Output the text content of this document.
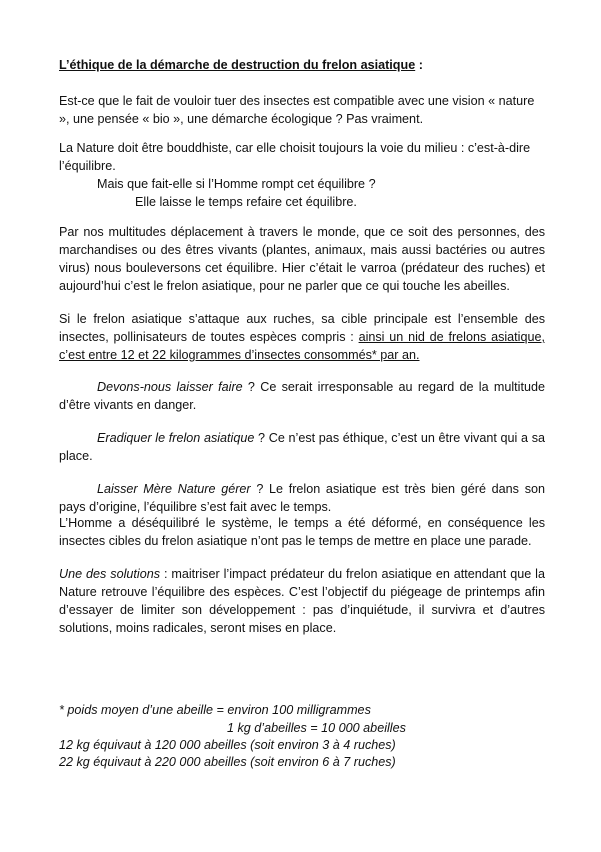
L’éthique de la démarche de destruction du frelon asiatique :

Est-ce que le fait de vouloir tuer des insectes est compatible avec une vision « nature », une pensée « bio », une démarche écologique ? Pas vraiment.

La Nature doit être bouddhiste, car elle choisit toujours la voie du milieu : c’est-à-dire l’équilibre.

Mais que fait-elle si l’Homme rompt cet équilibre ?

Elle laisse le temps refaire cet équilibre.

Par nos multitudes déplacement à travers le monde, que ce soit des personnes, des marchandises ou des êtres vivants (plantes, animaux, mais aussi bactéries ou autres virus) nous bouleversons cet équilibre. Hier c’était le varroa (prédateur des ruches) et aujourd’hui c’est le frelon asiatique, pour ne parler que ce qui touche les abeilles.

Si le frelon asiatique s’attaque aux ruches, sa cible principale est l’ensemble des insectes, pollinisateurs de toutes espèces compris : ainsi un nid de frelons asiatique, c’est entre 12 et 22 kilogrammes d’insectes consommés* par an.

Devons-nous laisser faire ? Ce serait irresponsable au regard de la multitude d’être vivants en danger.

Eradiquer le frelon asiatique ? Ce n’est pas éthique, c’est un être vivant qui a sa place.

Laisser Mère Nature gérer ? Le frelon asiatique est très bien géré dans son pays d’origine, l’équilibre s’est fait avec le temps.

L’Homme a déséquilibré le système, le temps a été déformé, en conséquence les insectes cibles du frelon asiatique n’ont pas le temps de mettre en place une parade.

Une des solutions : maitriser l’impact prédateur du frelon asiatique en attendant que la Nature retrouve l’équilibre des espèces. C’est l’objectif du piégeage de printemps afin d’essayer de limiter son développement : pas d’inquiétude, il survivra et d’autres solutions, moins radicales, seront mises en place.

* poids moyen d’une abeille = environ 100 milligrammes

1 kg d’abeilles = 10 000 abeilles

12 kg équivaut à 120 000 abeilles (soit environ 3 à 4 ruches)

22 kg équivaut à 220 000 abeilles (soit environ 6 à 7 ruches)
